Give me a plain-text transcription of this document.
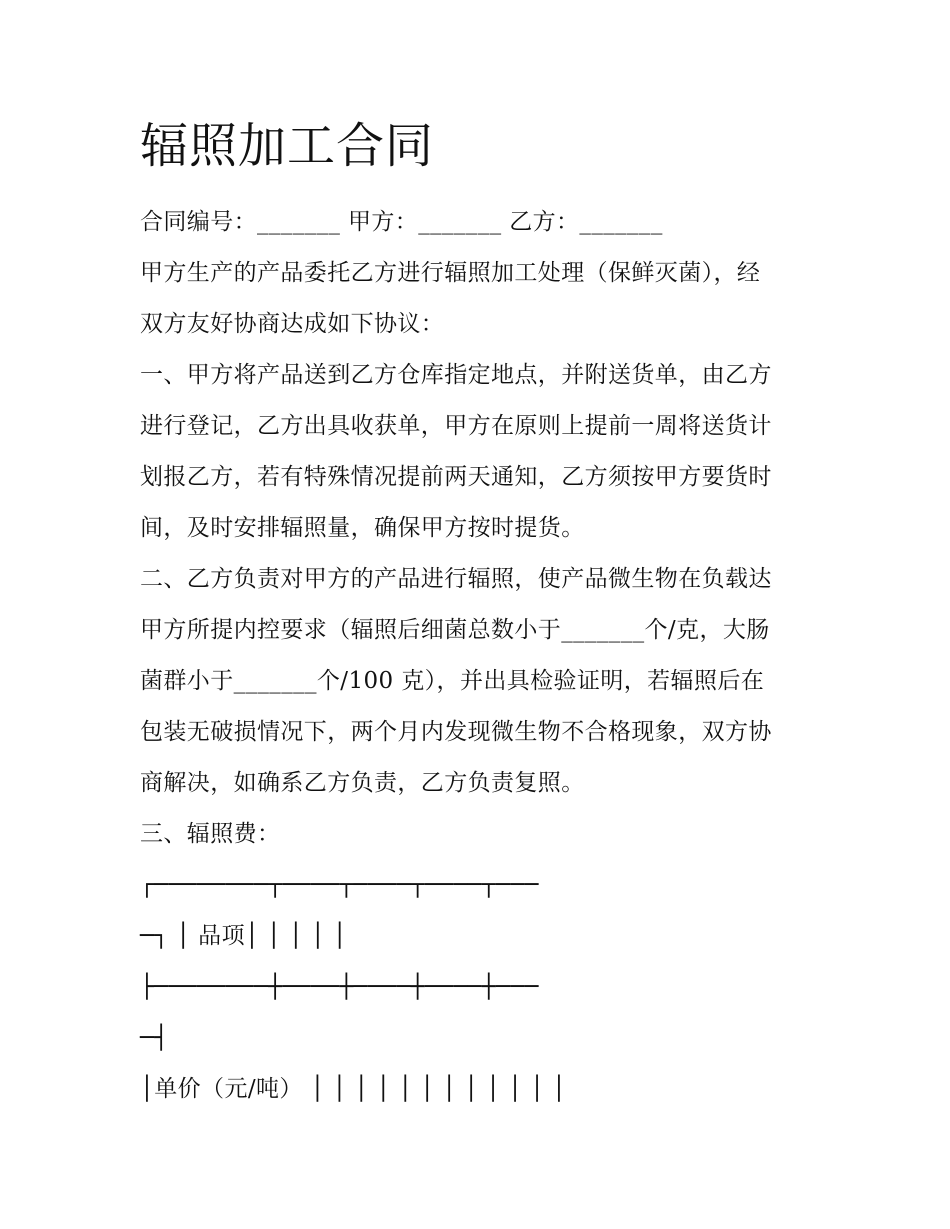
辐照加工合同
合同编号：_______ 甲方：_______ 乙方：_______
甲方生产的产品委托乙方进行辐照加工处理（保鲜灭菌），经
双方友好协商达成如下协议：
一、甲方将产品送到乙方仓库指定地点，并附送货单，由乙方
进行登记，乙方出具收获单，甲方在原则上提前一周将送货计
划报乙方，若有特殊情况提前两天通知，乙方须按甲方要货时
间，及时安排辐照量，确保甲方按时提货。
二、乙方负责对甲方的产品进行辐照，使产品微生物在负载达
甲方所提内控要求（辐照后细菌总数小于_______个/克，大肠
菌群小于_______个/100 克），并出具检验证明，若辐照后在
包装无破损情况下，两个月内发现微生物不合格现象，双方协
商解决，如确系乙方负责，乙方负责复照。
三、辐照费：
┌────────┬────┬────┬────┬───
─┐ │ 品项│ │ │ │ │
├────────┼────┼────┼────┼───
─┤
│单价（元/吨） │ │ │ │ │ │ │ │ │ │ │ │
